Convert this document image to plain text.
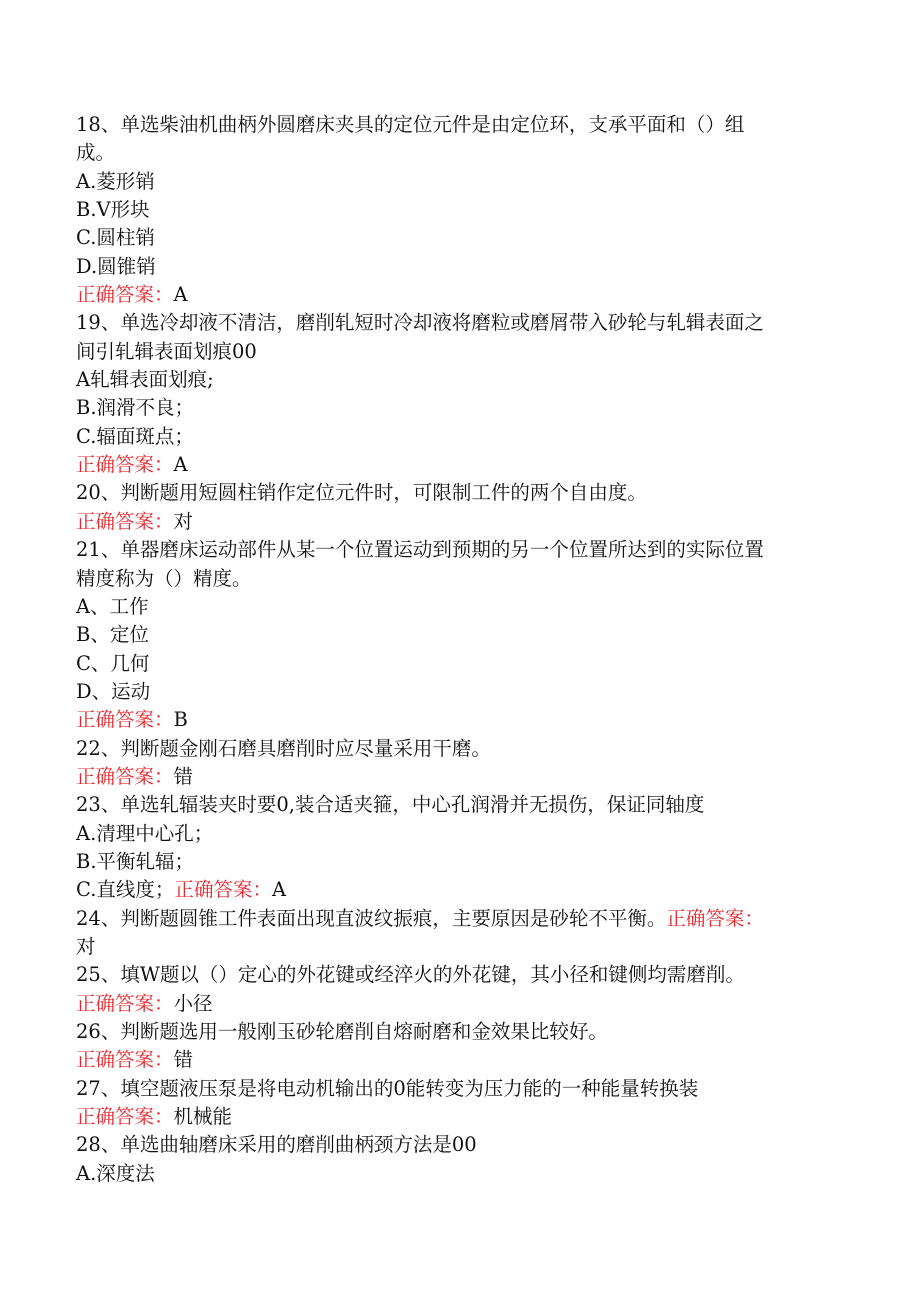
18、单选柴油机曲柄外圆磨床夹具的定位元件是由定位环，支承平面和（）组
成。
A.菱形销
B.V形块
C.圆柱销
D.圆锥销
正确答案：A
19、单选冷却液不清洁，磨削轧短时冷却液将磨粒或磨屑带入砂轮与轧辑表面之
间引轧辑表面划痕00
A轧辑表面划痕;
B.润滑不良；
C.辐面斑点；
正确答案：A
20、判断题用短圆柱销作定位元件时，可限制工件的两个自由度。
正确答案：对
21、单器磨床运动部件从某一个位置运动到预期的另一个位置所达到的实际位置
精度称为（）精度。
A、工作
B、定位
C、几何
D、运动
正确答案：B
22、判断题金刚石磨具磨削时应尽量采用干磨。
正确答案：错
23、单选轧辐装夹时要0,装合适夹箍，中心孔润滑并无损伤，保证同轴度
A.清理中心孔；
B.平衡轧辐；
C.直线度；正确答案：A
24、判断题圆锥工件表面出现直波纹振痕，主要原因是砂轮不平衡。正确答案：
对
25、填W题以（）定心的外花键或经淬火的外花键，其小径和键侧均需磨削。
正确答案：小径
26、判断题选用一般刚玉砂轮磨削自熔耐磨和金效果比较好。
正确答案：错
27、填空题液压泵是将电动机输出的0能转变为压力能的一种能量转换装
正确答案：机械能
28、单选曲轴磨床采用的磨削曲柄颈方法是00
A.深度法
